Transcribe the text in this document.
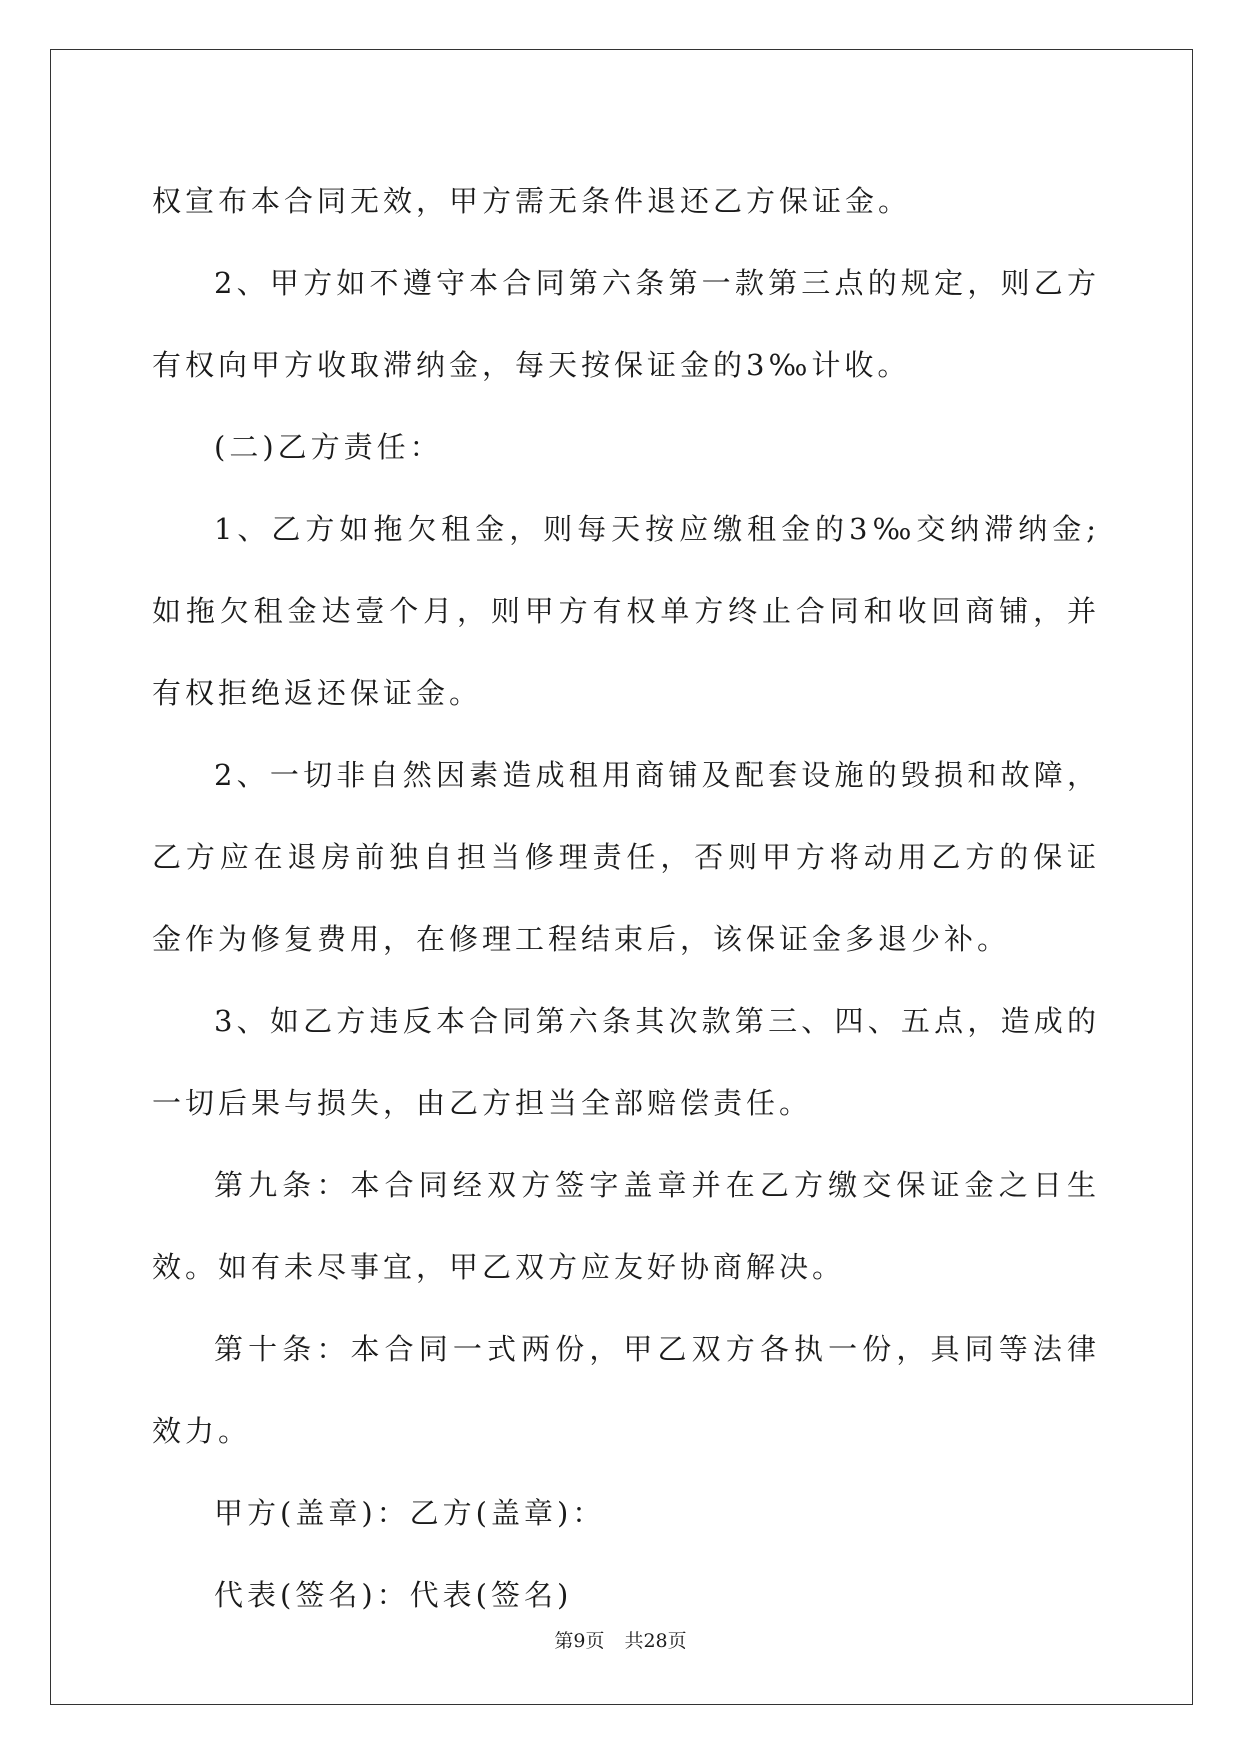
权宣布本合同无效，甲方需无条件退还乙方保证金。

2、甲方如不遵守本合同第六条第一款第三点的规定，则乙方有权向甲方收取滞纳金，每天按保证金的3‰计收。

(二)乙方责任：

1、乙方如拖欠租金，则每天按应缴租金的3‰交纳滞纳金;如拖欠租金达壹个月，则甲方有权单方终止合同和收回商铺，并有权拒绝返还保证金。

2、一切非自然因素造成租用商铺及配套设施的毁损和故障，乙方应在退房前独自担当修理责任，否则甲方将动用乙方的保证金作为修复费用，在修理工程结束后，该保证金多退少补。

3、如乙方违反本合同第六条其次款第三、四、五点，造成的一切后果与损失，由乙方担当全部赔偿责任。

第九条：本合同经双方签字盖章并在乙方缴交保证金之日生效。如有未尽事宜，甲乙双方应友好协商解决。

第十条：本合同一式两份，甲乙双方各执一份，具同等法律效力。

甲方(盖章)：乙方(盖章)：

代表(签名)：代表(签名)

第9页 共28页
